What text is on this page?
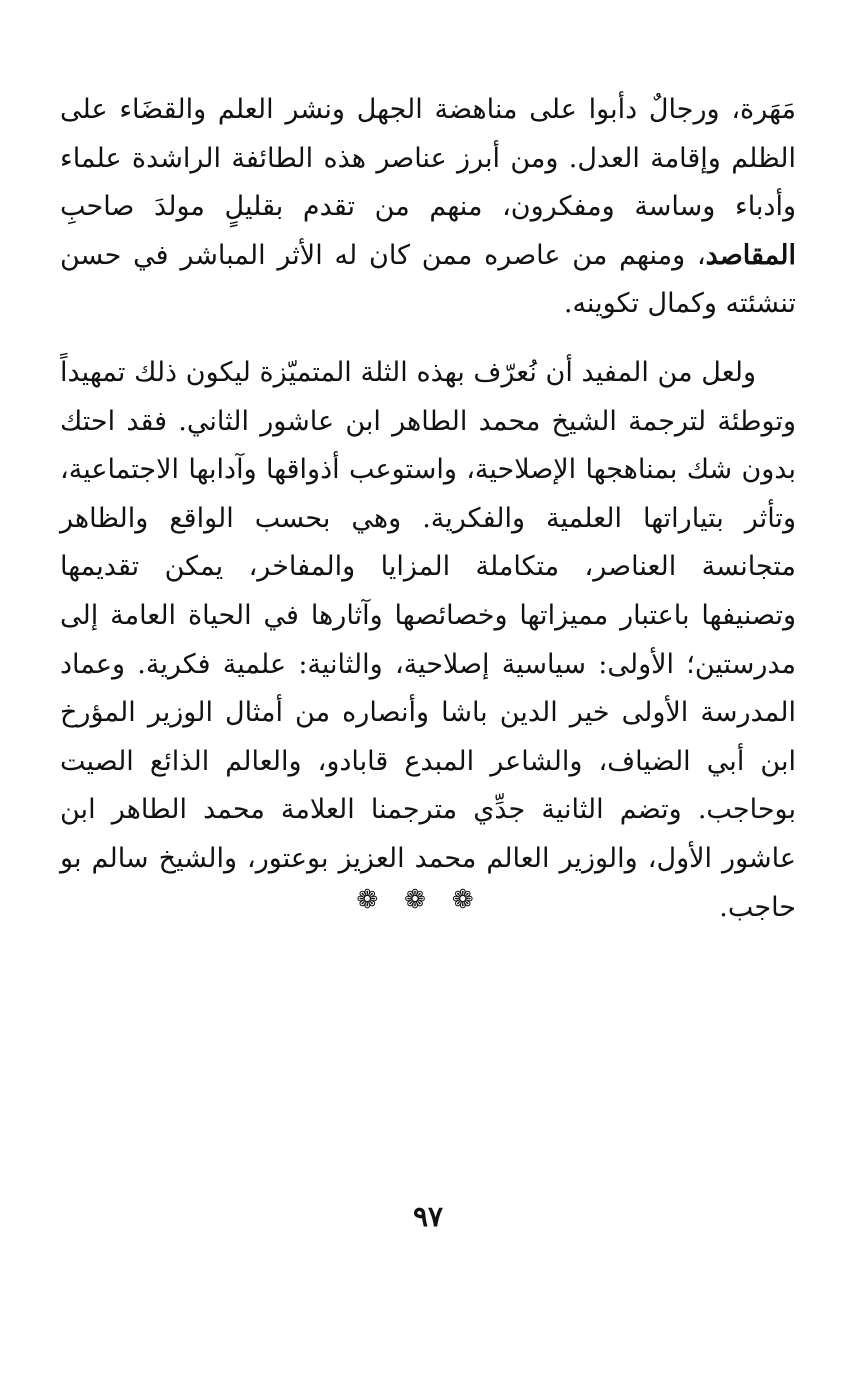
مَهَرة، ورجالٌ دأبوا على مناهضة الجهل ونشر العلم والقضَاء على الظلم وإقامة العدل. ومن أبرز عناصر هذه الطائفة الراشدة علماء وأدباء وساسة ومفكرون، منهم من تقدم بقليلٍ مولدَ صاحبِ المقاصد، ومنهم من عاصره ممن كان له الأثر المباشر في حسن تنشئته وكمال تكوينه.

ولعل من المفيد أن نُعرّف بهذه الثلة المتميّزة ليكون ذلك تمهيداً وتوطئة لترجمة الشيخ محمد الطاهر ابن عاشور الثاني. فقد احتك بدون شك بمناهجها الإصلاحية، واستوعب أذواقها وآدابها الاجتماعية، وتأثر بتياراتها العلمية والفكرية. وهي بحسب الواقع والظاهر متجانسة العناصر، متكاملة المزايا والمفاخر، يمكن تقديمها وتصنيفها باعتبار مميزاتها وخصائصها وآثارها في الحياة العامة إلى مدرستين؛ الأولى: سياسية إصلاحية، والثانية: علمية فكرية. وعماد المدرسة الأولى خير الدين باشا وأنصاره من أمثال الوزير المؤرخ ابن أبي الضياف، والشاعر المبدع قابادو، والعالم الذائع الصيت بوحاجب. وتضم الثانية جدِّي مترجمنا العلامة محمد الطاهر ابن عاشور الأول، والوزير العالم محمد العزيز بوعتور، والشيخ سالم بو حاجب.

❁❁❁
٩٧
